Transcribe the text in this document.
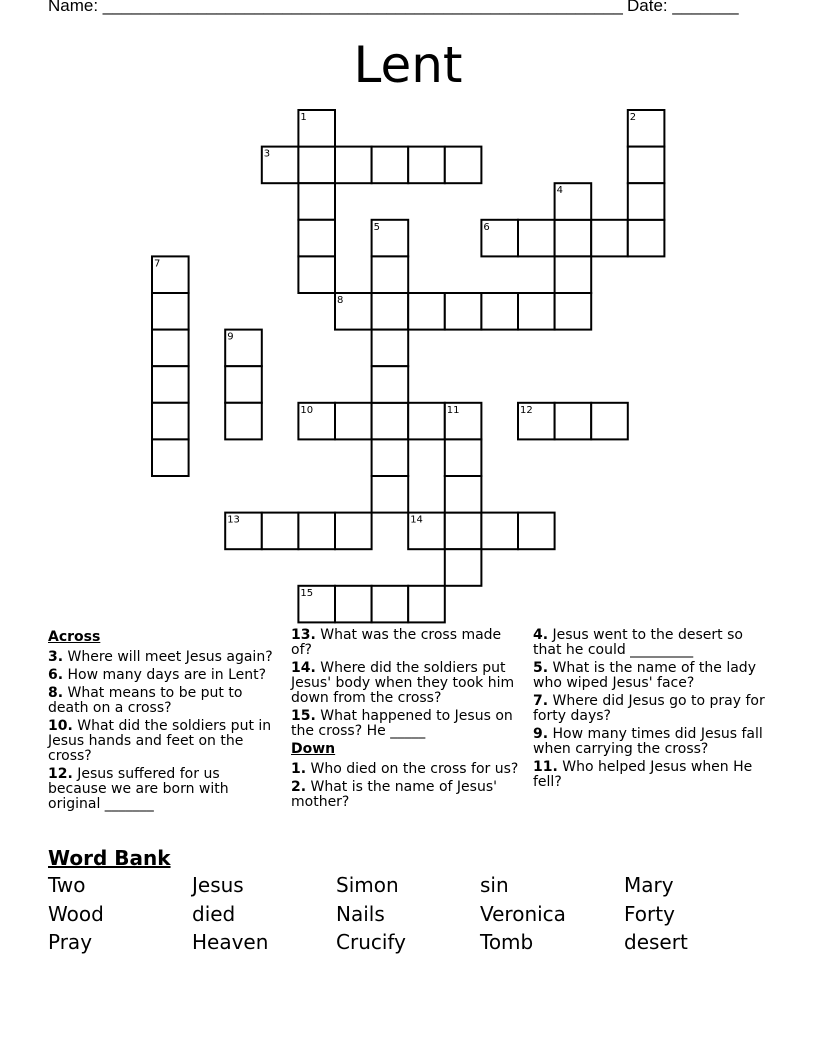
Name: _______________________________________________________ Date: _______
Lent
3
6
8
10	12
13	14
15
1	2
4
5
7
9
11
Across
3. Where will meet Jesus again?
6. How many days are in Lent?
8. What means to be put to death on a cross?
10. What did the soldiers put in Jesus hands and feet on the cross?
12. Jesus suffered for us because we are born with original _______
13. What was the cross made of?
14. Where did the soldiers put Jesus' body when they took him down from the cross?
15. What happened to Jesus on the cross? He _____
Down
1. Who died on the cross for us?
2. What is the name of Jesus' mother?
4. Jesus went to the desert so that he could _________
5. What is the name of the lady who wiped Jesus' face?
7. Where did Jesus go to pray for forty days?
9. How many times did Jesus fall when carrying the cross?
11. Who helped Jesus when He fell?
Word Bank
Two	Jesus	Simon	sin	Mary
Wood	died	Nails	Veronica	Forty
Pray	Heaven	Crucify	Tomb	desert
